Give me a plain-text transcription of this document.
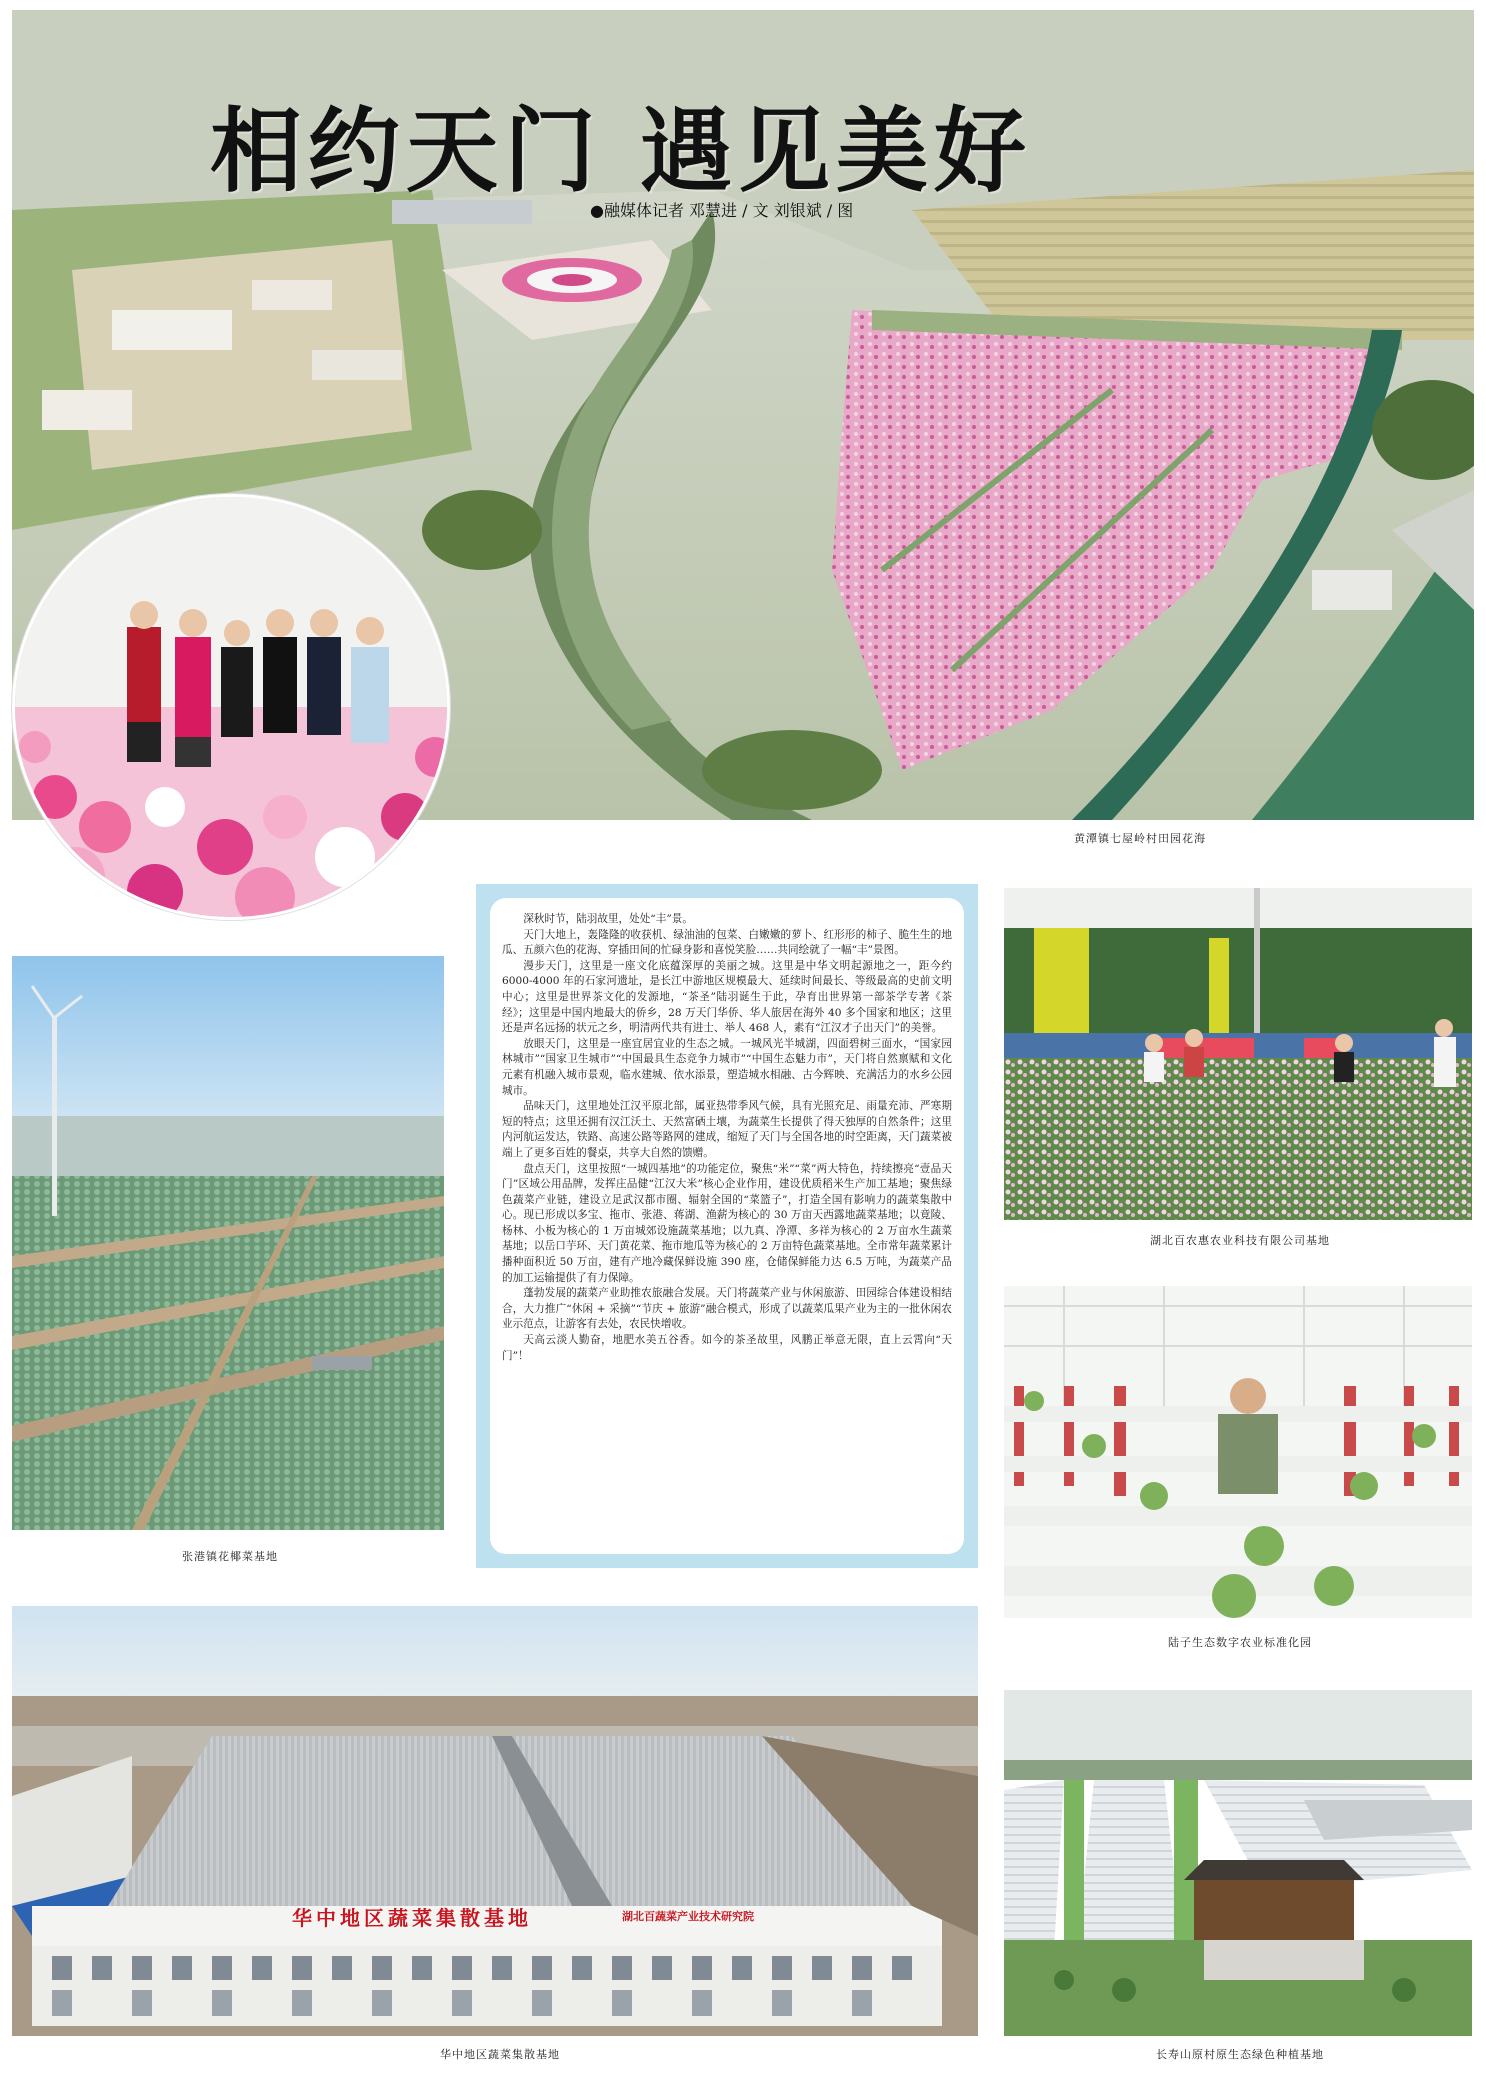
相约天门 遇见美好
●融媒体记者 邓慧进 / 文 刘银斌 / 图
黄潭镇七屋岭村田园花海
张港镇花椰菜基地

深秋时节，陆羽故里，处处“丰”景。

天门大地上，轰隆隆的收获机、绿油油的包菜、白嫩嫩的萝卜、红形形的柿子、脆生生的地瓜、五颜六色的花海、穿插田间的忙碌身影和喜悦笑脸……共同绘就了一幅“丰”景图。

漫步天门，这里是一座文化底蕴深厚的美丽之城。这里是中华文明起源地之一，距今约 6000-4000 年的石家河遗址，是长江中游地区规模最大、延续时间最长、等级最高的史前文明中心；这里是世界茶文化的发源地，“茶圣”陆羽诞生于此，孕育出世界第一部茶学专著《茶经》；这里是中国内地最大的侨乡，28 万天门华侨、华人旅居在海外 40 多个国家和地区；这里还是声名远扬的状元之乡，明清两代共有进士、举人 468 人，素有“江汉才子出天门”的美誉。

放眼天门，这里是一座宜居宜业的生态之城。一城风光半城湖，四面碧树三面水，“国家园林城市”“国家卫生城市”“中国最具生态竞争力城市”“中国生态魅力市”，天门将自然禀赋和文化元素有机融入城市景观，临水建城、依水添景，塑造城水相融、古今辉映、充满活力的水乡公园城市。

品味天门，这里地处江汉平原北部，属亚热带季风气候，具有光照充足、雨量充沛、严寒期短的特点；这里还拥有汉江沃土、天然富硒土壤，为蔬菜生长提供了得天独厚的自然条件；这里内河航运发达，铁路、高速公路等路网的建成，缩短了天门与全国各地的时空距离，天门蔬菜被端上了更多百姓的餐桌，共享大自然的馈赠。

盘点天门，这里按照“一城四基地”的功能定位，聚焦“米”“菜”两大特色，持续擦亮“壹品天门”区域公用品牌，发挥庄品健“江汉大米”核心企业作用，建设优质稻米生产加工基地；聚焦绿色蔬菜产业链，建设立足武汉都市圈、辐射全国的“菜篮子”，打造全国有影响力的蔬菜集散中心。现已形成以多宝、拖市、张港、蒋湖、渔薪为核心的 30 万亩天西露地蔬菜基地；以竟陵、杨林、小板为核心的 1 万亩城郊设施蔬菜基地；以九真、净潭、多祥为核心的 2 万亩水生蔬菜基地；以岳口芋环、天门黄花菜、拖市地瓜等为核心的 2 万亩特色蔬菜基地。全市常年蔬菜累计播种面积近 50 万亩，建有产地冷藏保鲜设施 390 座，仓储保鲜能力达 6.5 万吨，为蔬菜产品的加工运输提供了有力保障。

蓬勃发展的蔬菜产业助推农旅融合发展。天门将蔬菜产业与休闲旅游、田园综合体建设相结合，大力推广“休闲 + 采摘”“节庆 + 旅游”融合模式，形成了以蔬菜瓜果产业为主的一批休闲农业示范点，让游客有去处，农民快增收。

天高云淡人勤奋，地肥水美五谷香。如今的茶圣故里，风鹏正举意无限，直上云霄向“天门”！

湖北百农惠农业科技有限公司基地
陆子生态数字农业标准化园
华中地区蔬菜集散基地	湖北百蔬菜产业技术研究院
华中地区蔬菜集散基地	长寿山原村原生态绿色种植基地
